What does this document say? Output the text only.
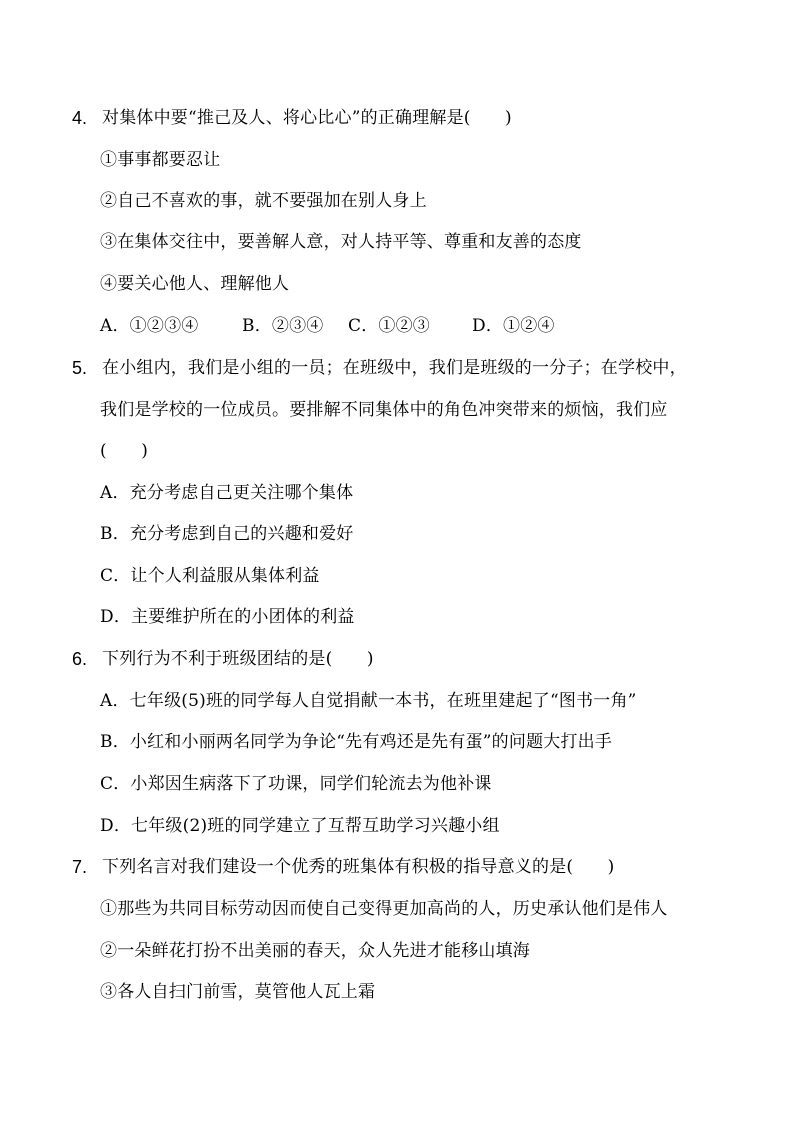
4. 对集体中要“推己及人、将心比心”的正确理解是(　　)
①事事都要忍让
②自己不喜欢的事，就不要强加在别人身上
③在集体交往中，要善解人意，对人持平等、尊重和友善的态度
④要关心他人、理解他人
A．①②③④	B．②③④ C．①②③ D．①②④
5. 在小组内，我们是小组的一员；在班级中，我们是班级的一分子；在学校中，
我们是学校的一位成员。要排解不同集体中的角色冲突带来的烦恼，我们应
(　　)
A．充分考虑自己更关注哪个集体
B．充分考虑到自己的兴趣和爱好
C．让个人利益服从集体利益
D．主要维护所在的小团体的利益
6. 下列行为不利于班级团结的是(　　)
A．七年级(5)班的同学每人自觉捐献一本书，在班里建起了“图书一角”
B．小红和小丽两名同学为争论“先有鸡还是先有蛋”的问题大打出手
C．小郑因生病落下了功课，同学们轮流去为他补课
D．七年级(2)班的同学建立了互帮互助学习兴趣小组
7. 下列名言对我们建设一个优秀的班集体有积极的指导意义的是(　　)
①那些为共同目标劳动因而使自己变得更加高尚的人，历史承认他们是伟人
②一朵鲜花打扮不出美丽的春天，众人先进才能移山填海
③各人自扫门前雪，莫管他人瓦上霜
